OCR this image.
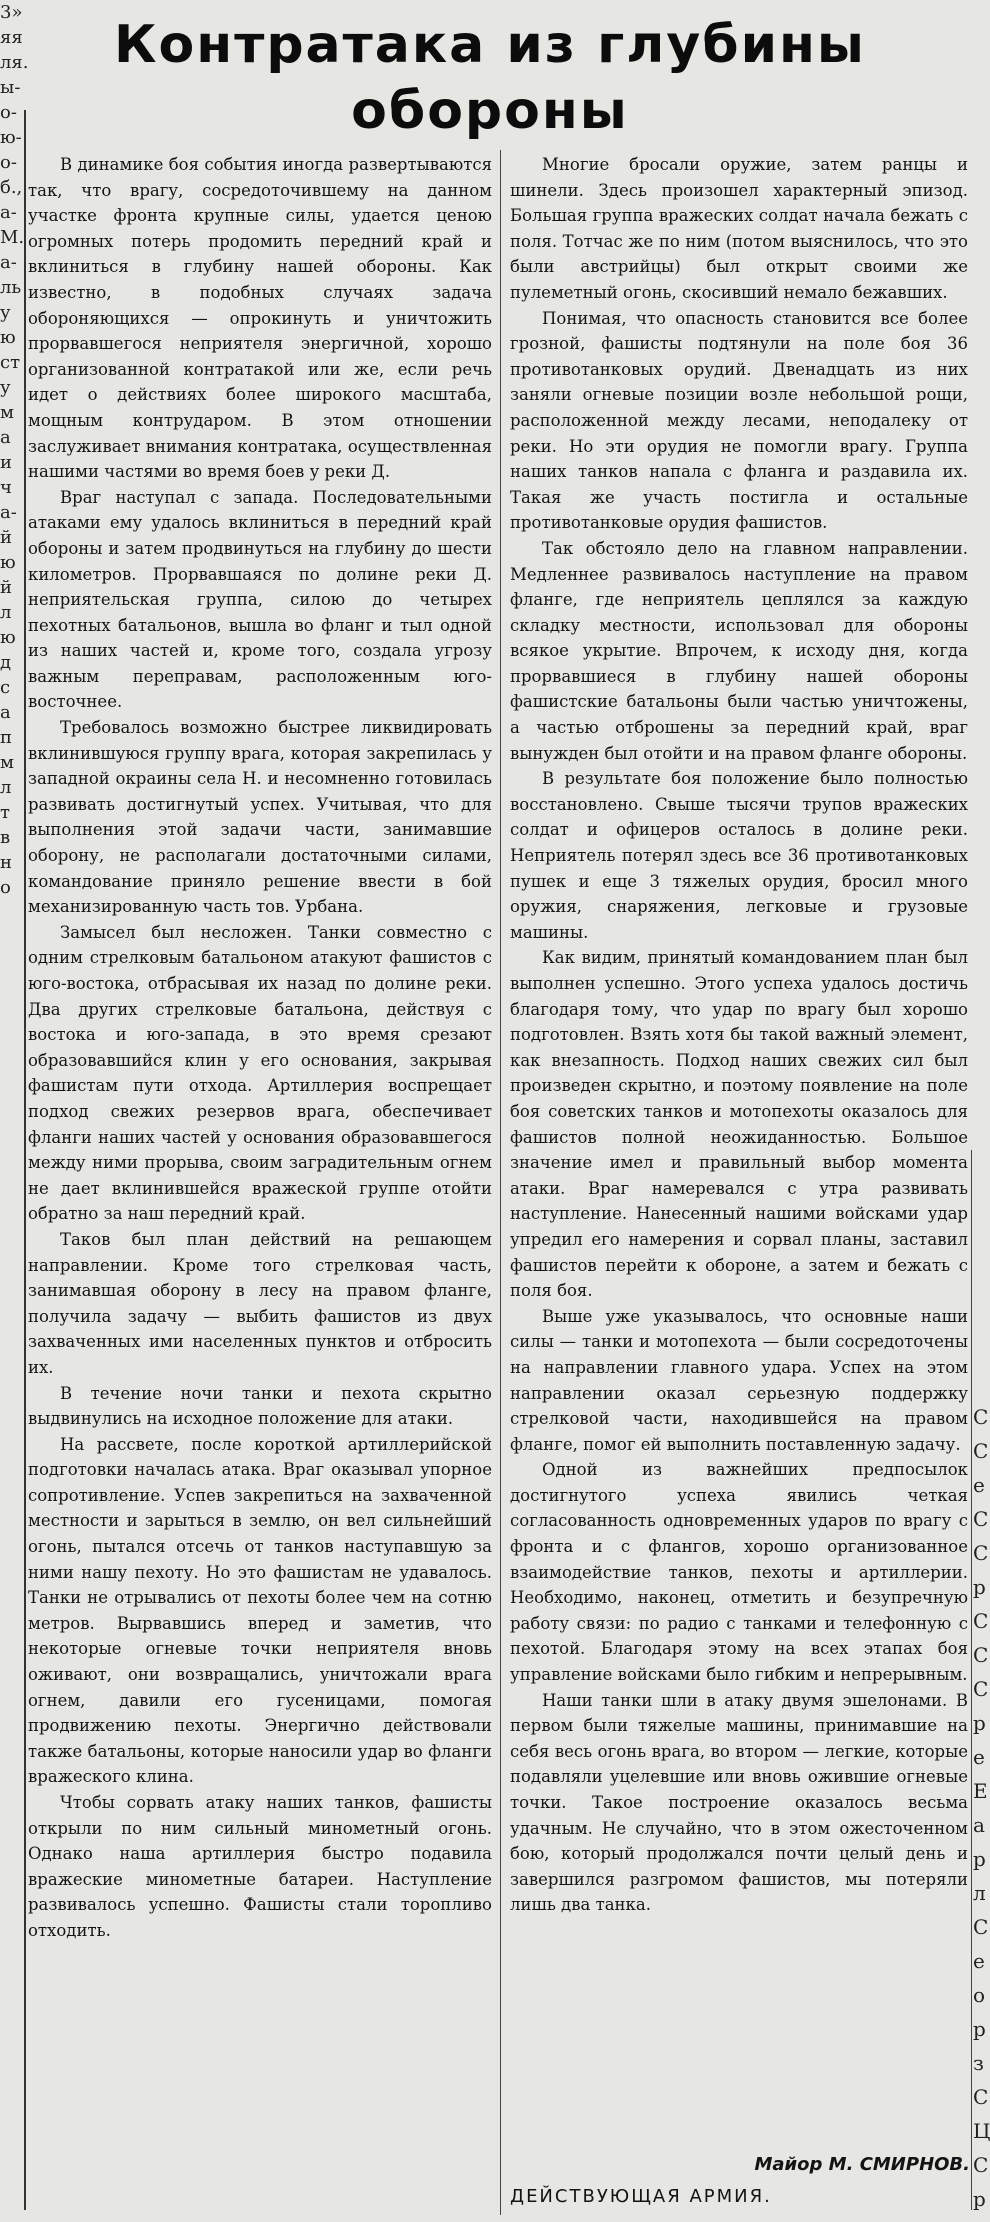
3»
яя
ля.
ы-
о-
ю-
о-
б.,
а-
М.
а-
ль
у
ю
ст
у
м
а
и
ч
а-
й
ю
й
л
ю
д
с
а
п
м
л
т
в
н
о
Контратака из глубины обороны

В динамике боя события иногда развертываются так, что врагу, сосредоточившему на данном участке фронта крупные силы, удается ценою огромных потерь продомить передний край и вклиниться в глубину нашей обороны. Как известно, в подобных случаях задача обороняющихся — опрокинуть и уничтожить прорвавшегося неприятеля энергичной, хорошо организованной контратакой или же, если речь идет о действиях более широкого масштаба, мощным контрударом. В этом отношении заслуживает внимания контратака, осуществленная нашими частями во время боев у реки Д.

Враг наступал с запада. Последовательными атаками ему удалось вклиниться в передний край обороны и затем продвинуться на глубину до шести километров. Прорвавшаяся по долине реки Д. неприятельская группа, силою до четырех пехотных батальонов, вышла во фланг и тыл одной из наших частей и, кроме того, создала угрозу важным переправам, расположенным юго-восточнее.

Требовалось возможно быстрее ликвидировать вклинившуюся группу врага, которая закрепилась у западной окраины села Н. и несомненно готовилась развивать достигнутый успех. Учитывая, что для выполнения этой задачи части, занимавшие оборону, не располагали достаточными силами, командование приняло решение ввести в бой механизированную часть тов. Урбана.

Замысел был несложен. Танки совместно с одним стрелковым батальоном атакуют фашистов с юго-востока, отбрасывая их назад по долине реки. Два других стрелковые батальона, действуя с востока и юго-запада, в это время срезают образовавшийся клин у его основания, закрывая фашистам пути отхода. Артиллерия воспрещает подход свежих резервов врага, обеспечивает фланги наших частей у основания образовавшегося между ними прорыва, своим заградительным огнем не дает вклинившейся вражеской группе отойти обратно за наш передний край.

Таков был план действий на решающем направлении. Кроме того стрелковая часть, занимавшая оборону в лесу на правом фланге, получила задачу — выбить фашистов из двух захваченных ими населенных пунктов и отбросить их.

В течение ночи танки и пехота скрытно выдвинулись на исходное положение для атаки.

На рассвете, после короткой артиллерийской подготовки началась атака. Враг оказывал упорное сопротивление. Успев закрепиться на захваченной местности и зарыться в землю, он вел сильнейший огонь, пытался отсечь от танков наступавшую за ними нашу пехоту. Но это фашистам не удавалось. Танки не отрывались от пехоты более чем на сотню метров. Вырвавшись вперед и заметив, что некоторые огневые точки неприятеля вновь оживают, они возвращались, уничтожали врага огнем, давили его гусеницами, помогая продвижению пехоты. Энергично действовали также батальоны, которые наносили удар во фланги вражеского клина.

Чтобы сорвать атаку наших танков, фашисты открыли по ним сильный минометный огонь. Однако наша артиллерия быстро подавила вражеские минометные батареи. Наступление развивалось успешно. Фашисты стали торопливо отходить.

Многие бросали оружие, затем ранцы и шинели. Здесь произошел характерный эпизод. Большая группа вражеских солдат начала бежать с поля. Тотчас же по ним (потом выяснилось, что это были австрийцы) был открыт своими же пулеметный огонь, скосивший немало бежавших.

Понимая, что опасность становится все более грозной, фашисты подтянули на поле боя 36 противотанковых орудий. Двенадцать из них заняли огневые позиции возле небольшой рощи, расположенной между лесами, неподалеку от реки. Но эти орудия не помогли врагу. Группа наших танков напала с фланга и раздавила их. Такая же участь постигла и остальные противотанковые орудия фашистов.

Так обстояло дело на главном направлении. Медленнее развивалось наступление на правом фланге, где неприятель цеплялся за каждую складку местности, использовал для обороны всякое укрытие. Впрочем, к исходу дня, когда прорвавшиеся в глубину нашей обороны фашистские батальоны были частью уничтожены, а частью отброшены за передний край, враг вынужден был отойти и на правом фланге обороны.

В результате боя положение было полностью восстановлено. Свыше тысячи трупов вражеских солдат и офицеров осталось в долине реки. Неприятель потерял здесь все 36 противотанковых пушек и еще 3 тяжелых орудия, бросил много оружия, снаряжения, легковые и грузовые машины.

Как видим, принятый командованием план был выполнен успешно. Этого успеха удалось достичь благодаря тому, что удар по врагу был хорошо подготовлен. Взять хотя бы такой важный элемент, как внезапность. Подход наших свежих сил был произведен скрытно, и поэтому появление на поле боя советских танков и мотопехоты оказалось для фашистов полной неожиданностью. Большое значение имел и правильный выбор момента атаки. Враг намеревался с утра развивать наступление. Нанесенный нашими войсками удар упредил его намерения и сорвал планы, заставил фашистов перейти к обороне, а затем и бежать с поля боя.

Выше уже указывалось, что основные наши силы — танки и мотопехота — были сосредоточены на направлении главного удара. Успех на этом направлении оказал серьезную поддержку стрелковой части, находившейся на правом фланге, помог ей выполнить поставленную задачу.

Одной из важнейших предпосылок достигнутого успеха явились четкая согласованность одновременных ударов по врагу с фронта и с флангов, хорошо организованное взаимодействие танков, пехоты и артиллерии. Необходимо, наконец, отметить и безупречную работу связи: по радио с танками и телефонную с пехотой. Благодаря этому на всех этапах боя управление войсками было гибким и непрерывным.

Наши танки шли в атаку двумя эшелонами. В первом были тяжелые машины, принимавшие на себя весь огонь врага, во втором — легкие, которые подавляли уцелевшие или вновь ожившие огневые точки. Такое построение оказалось весьма удачным. Не случайно, что в этом ожесточенном бою, который продолжался почти целый день и завершился разгромом фашистов, мы потеряли лишь два танка.

Майор М. СМИРНОВ.
ДЕЙСТВУЮЩАЯ АРМИЯ.
С
С
е
С
С
р
С
С
С
р
е
Е
а
р
л
С
е
о
р
з
С
Ц
С
р
